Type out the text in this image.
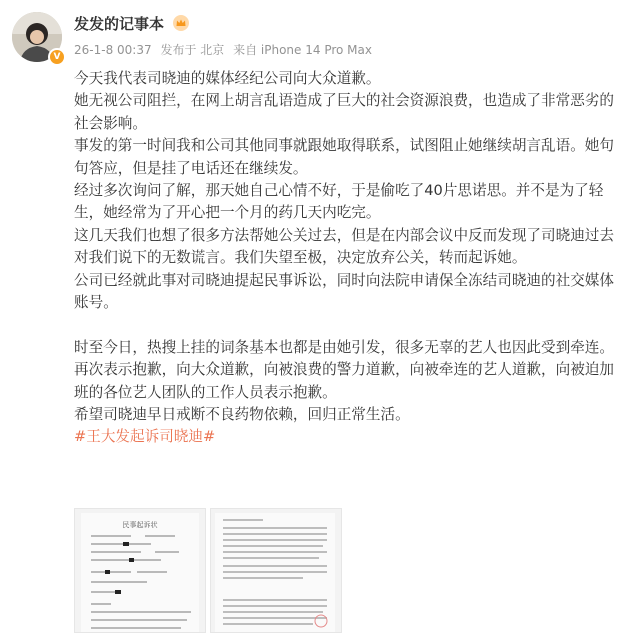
V
发发的记事本
26-1-8 00:37 发布于 北京 来自 iPhone 14 Pro Max

今天我代表司晓迪的媒体经纪公司向大众道歉。

她无视公司阻拦，在网上胡言乱语造成了巨大的社会资源浪费，也造成了非常恶劣的社会影响。

事发的第一时间我和公司其他同事就跟她取得联系，试图阻止她继续胡言乱语。她句句答应，但是挂了电话还在继续发。

经过多次询问了解，那天她自己心情不好，于是偷吃了40片思诺思。并不是为了轻生，她经常为了开心把一个月的药几天内吃完。

这几天我们也想了很多方法帮她公关过去，但是在内部会议中反而发现了司晓迪过去对我们说下的无数谎言。我们失望至极，决定放弃公关，转而起诉她。

公司已经就此事对司晓迪提起民事诉讼，同时向法院申请保全冻结司晓迪的社交媒体账号。

时至今日，热搜上挂的词条基本也都是由她引发，很多无辜的艺人也因此受到牵连。

再次表示抱歉，向大众道歉，向被浪费的警力道歉，向被牵连的艺人道歉，向被迫加班的各位艺人团队的工作人员表示抱歉。

希望司晓迪早日戒断不良药物依赖，回归正常生活。

#王大发起诉司晓迪#

民事起诉状
